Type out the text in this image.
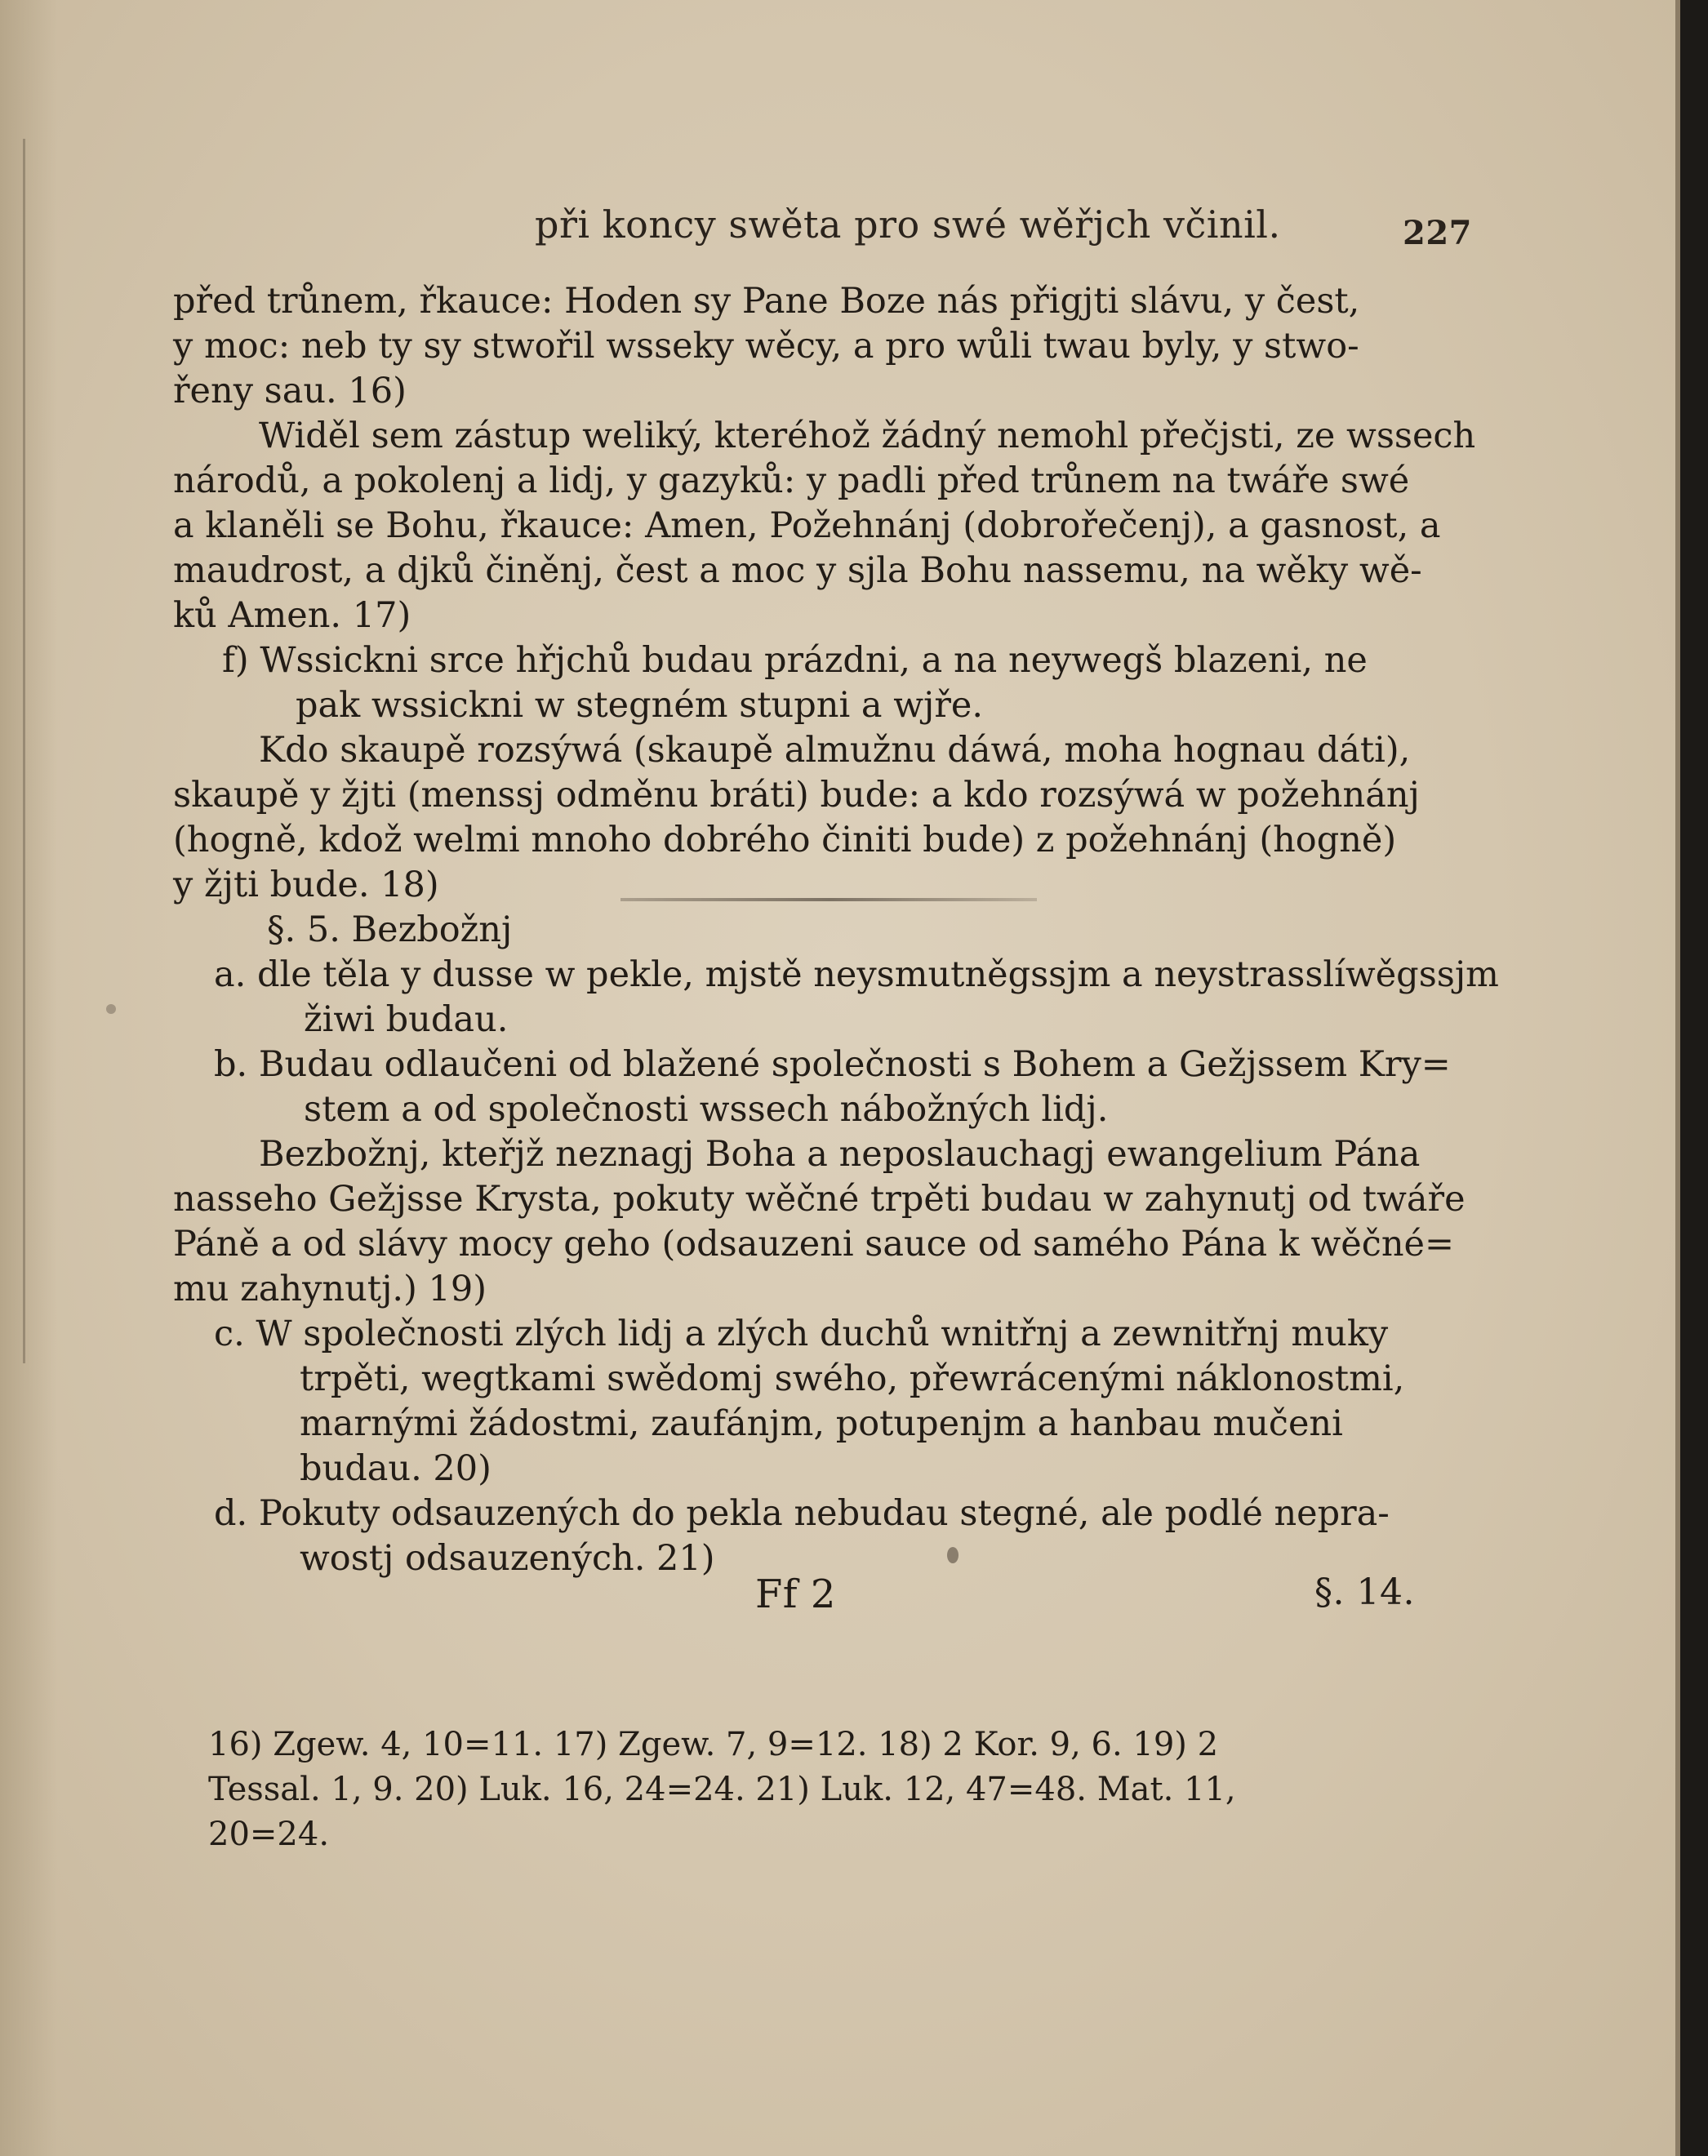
při koncy swěta pro swé wěřjch včinil.	227
před trůnem, řkauce: Hoden sy Pane Boze nás přigjti slávu, y čest,
y moc: neb ty sy stwořil wsseky wěcy, a pro wůli twau byly, y stwo-
řeny sau. 16)
Widěl sem zástup weliký, kteréhož žádný nemohl přečjsti, ze wssech
národů, a pokolenj a lidj, y gazyků: y padli před trůnem na twáře swé
a klaněli se Bohu, řkauce: Amen, Požehnánj (dobrořečenj), a gasnost, a
maudrost, a djků činěnj, čest a moc y sjla Bohu nassemu, na wěky wě-
ků Amen. 17)
f) Wssickni srce hřjchů budau prázdni, a na neywegš blazeni, ne
pak wssickni w stegném stupni a wjře.
Kdo skaupě rozsýwá (skaupě almužnu dáwá, moha hognau dáti),
skaupě y žjti (menssj odměnu bráti) bude: a kdo rozsýwá w požehnánj
(hogně, kdož welmi mnoho dobrého činiti bude) z požehnánj (hogně)
y žjti bude. 18)
§. 5. Bezbožnj
a. dle těla y dusse w pekle, mjstě neysmutněgssjm a neystrasslíwěgssjm
žiwi budau.
b. Budau odlaučeni od blažené společnosti s Bohem a Gežjssem Kry=
stem a od společnosti wssech nábožných lidj.
Bezbožnj, kteřjž neznagj Boha a neposlauchagj ewangelium Pána
nasseho Gežjsse Krysta, pokuty wěčné trpěti budau w zahynutj od twáře
Páně a od slávy mocy geho (odsauzeni sauce od samého Pána k wěčné=
mu zahynutj.) 19)
c. W společnosti zlých lidj a zlých duchů wnitřnj a zewnitřnj muky
trpěti, wegtkami swědomj swého, přewrácenými náklonostmi,
marnými žádostmi, zaufánjm, potupenjm a hanbau mučeni
budau. 20)
d. Pokuty odsauzených do pekla nebudau stegné, ale podlé nepra-
wostj odsauzených. 21)
Ff 2	§. 14.
16) Zgew. 4, 10=11. 17) Zgew. 7, 9=12. 18) 2 Kor. 9, 6. 19) 2
Tessal. 1, 9. 20) Luk. 16, 24=24. 21) Luk. 12, 47=48. Mat. 11,
20=24.
